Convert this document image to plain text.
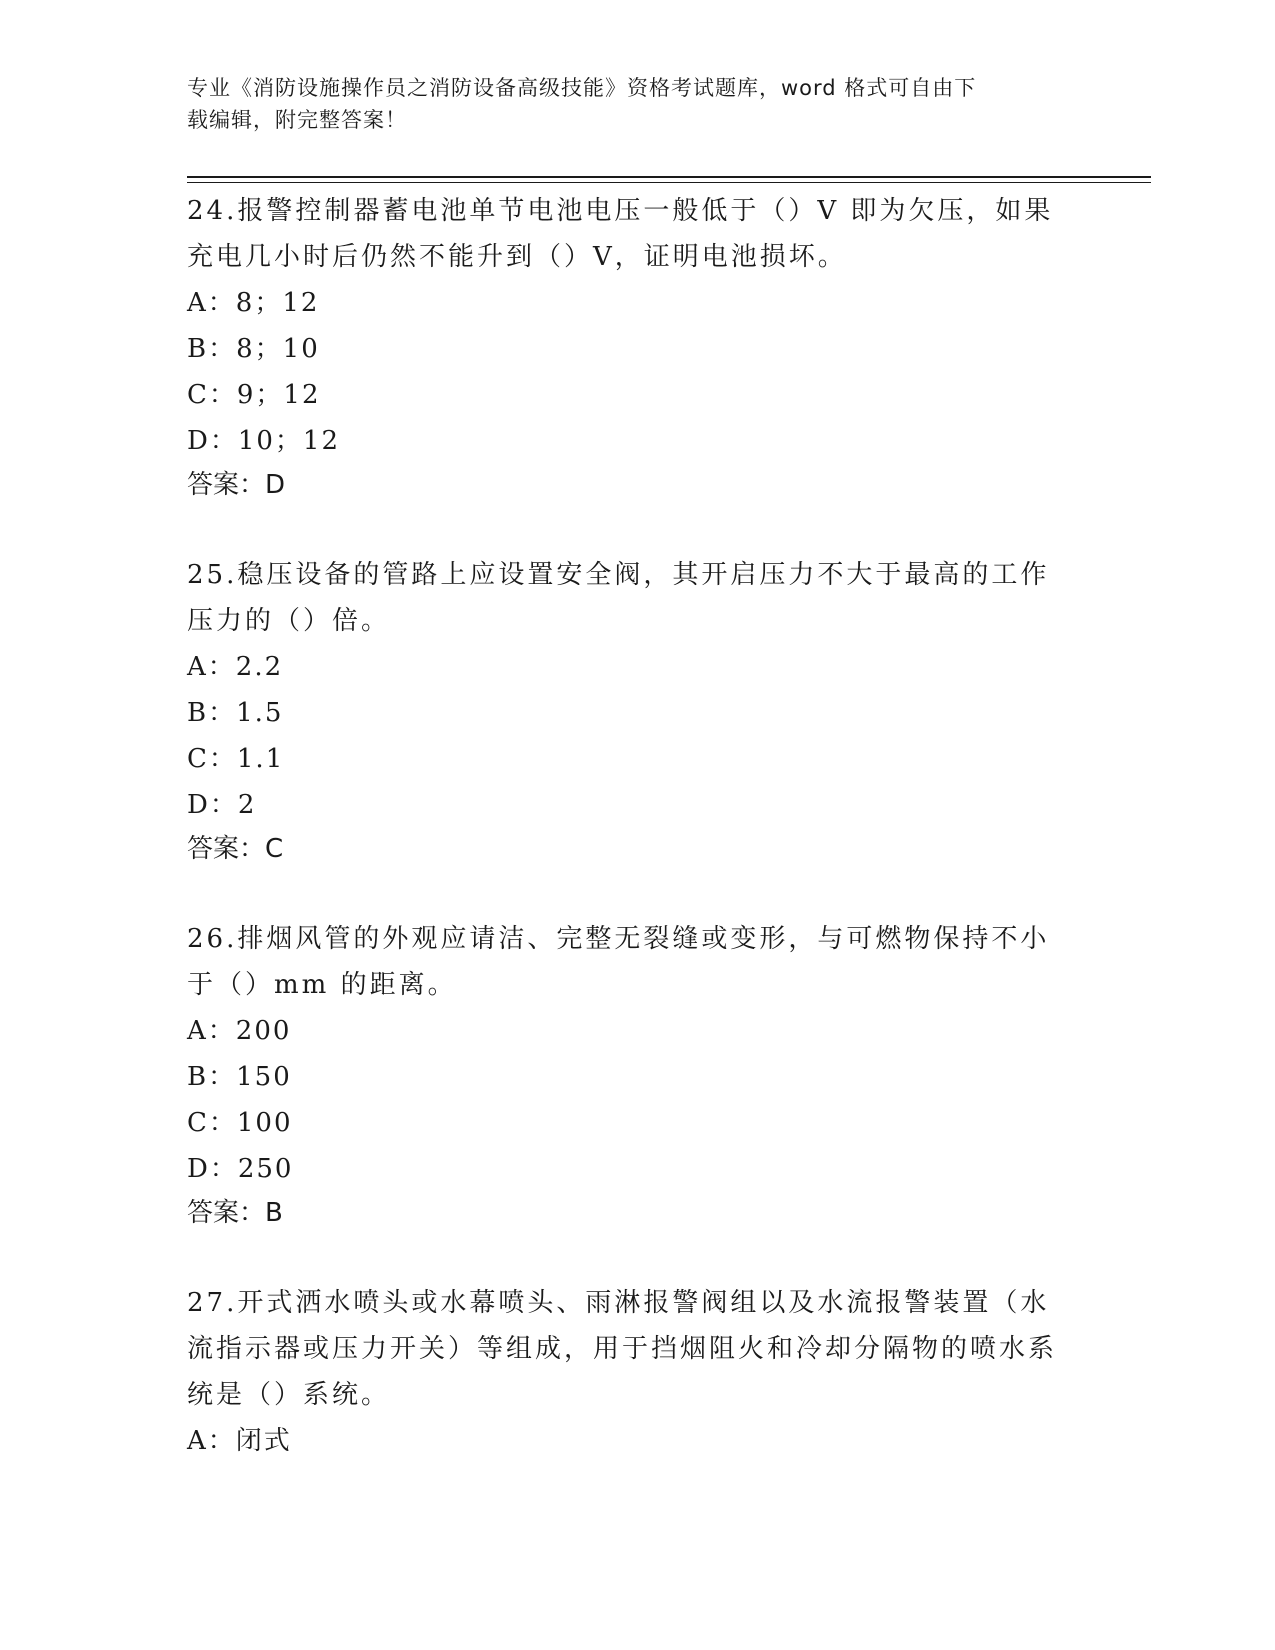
专业《消防设施操作员之消防设备高级技能》资格考试题库，word 格式可自由下
载编辑，附完整答案！

24.报警控制器蓄电池单节电池电压一般低于（）V 即为欠压，如果充电几小时后仍然不能升到（）V，证明电池损坏。

A：8；12

B：8；10

C：9；12

D：10；12

答案：D

25.稳压设备的管路上应设置安全阀，其开启压力不大于最高的工作压力的（）倍。

A：2.2

B：1.5

C：1.1

D：2

答案：C

26.排烟风管的外观应请洁、完整无裂缝或变形，与可燃物保持不小于（）mm 的距离。

A：200

B：150

C：100

D：250

答案：B

27.开式洒水喷头或水幕喷头、雨淋报警阀组以及水流报警装置（水流指示器或压力开关）等组成，用于挡烟阻火和冷却分隔物的喷水系统是（）系统。

A：闭式
